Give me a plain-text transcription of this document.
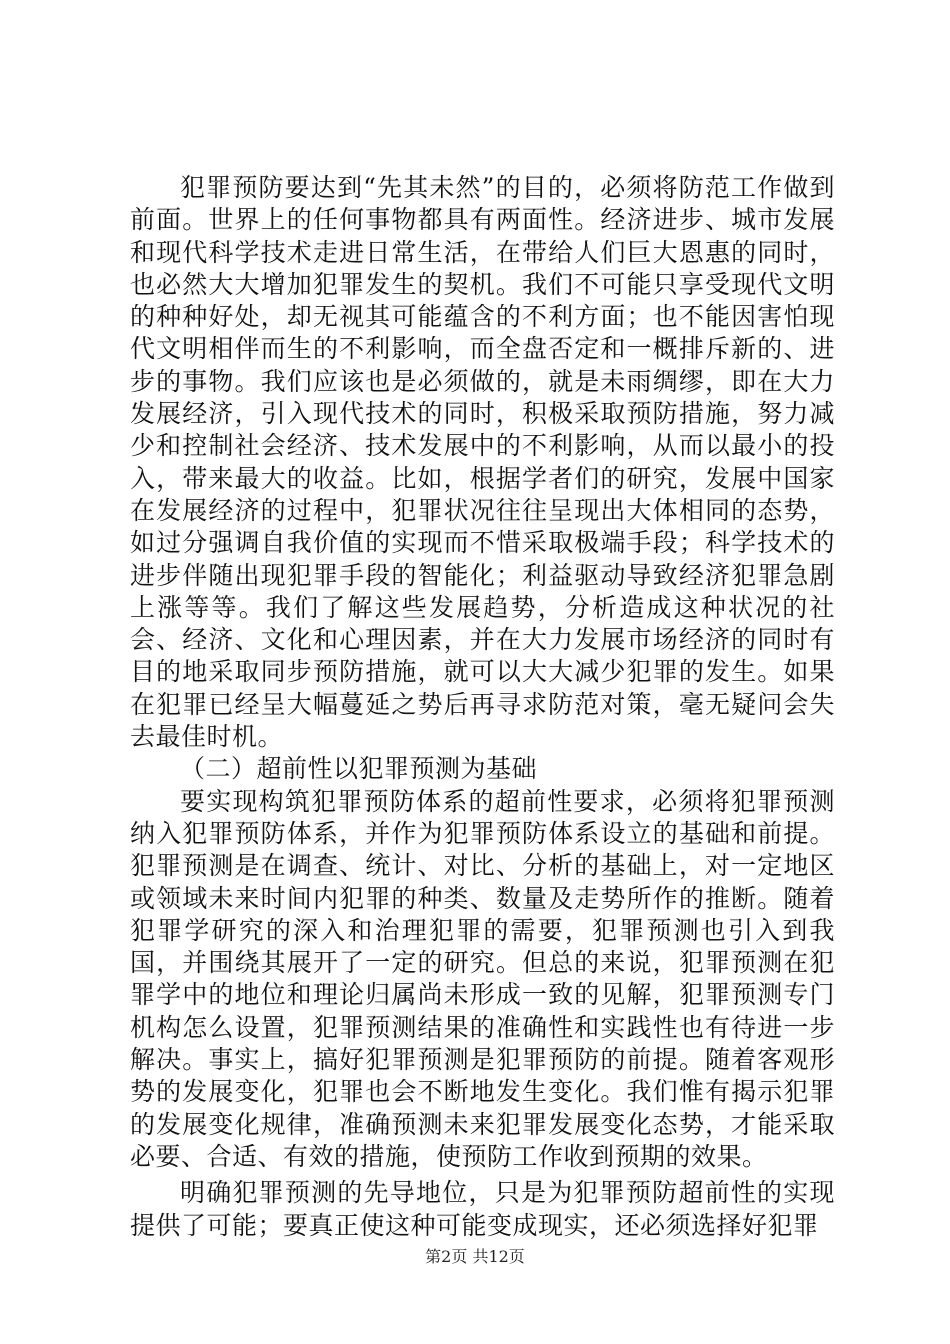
犯罪预防要达到“先其未然”的目的，必须将防范工作做到前面。世界上的任何事物都具有两面性。经济进步、城市发展和现代科学技术走进日常生活，在带给人们巨大恩惠的同时，也必然大大增加犯罪发生的契机。我们不可能只享受现代文明的种种好处，却无视其可能蕴含的不利方面；也不能因害怕现代文明相伴而生的不利影响，而全盘否定和一概排斥新的、进步的事物。我们应该也是必须做的，就是未雨绸缪，即在大力发展经济，引入现代技术的同时，积极采取预防措施，努力减少和控制社会经济、技术发展中的不利影响，从而以最小的投入，带来最大的收益。比如，根据学者们的研究，发展中国家在发展经济的过程中，犯罪状况往往呈现出大体相同的态势，如过分强调自我价值的实现而不惜采取极端手段；科学技术的进步伴随出现犯罪手段的智能化；利益驱动导致经济犯罪急剧上涨等等。我们了解这些发展趋势，分析造成这种状况的社会、经济、文化和心理因素，并在大力发展市场经济的同时有目的地采取同步预防措施，就可以大大减少犯罪的发生。如果在犯罪已经呈大幅蔓延之势后再寻求防范对策，毫无疑问会失去最佳时机。

（二）超前性以犯罪预测为基础

要实现构筑犯罪预防体系的超前性要求，必须将犯罪预测纳入犯罪预防体系，并作为犯罪预防体系设立的基础和前提。犯罪预测是在调查、统计、对比、分析的基础上，对一定地区或领域未来时间内犯罪的种类、数量及走势所作的推断。随着犯罪学研究的深入和治理犯罪的需要，犯罪预测也引入到我国，并围绕其展开了一定的研究。但总的来说，犯罪预测在犯罪学中的地位和理论归属尚未形成一致的见解，犯罪预测专门机构怎么设置，犯罪预测结果的准确性和实践性也有待进一步解决。事实上，搞好犯罪预测是犯罪预防的前提。随着客观形势的发展变化，犯罪也会不断地发生变化。我们惟有揭示犯罪的发展变化规律，准确预测未来犯罪发展变化态势，才能采取必要、合适、有效的措施，使预防工作收到预期的效果。

明确犯罪预测的先导地位，只是为犯罪预防超前性的实现提供了可能；要真正使这种可能变成现实，还必须选择好犯罪

第2页 共12页
